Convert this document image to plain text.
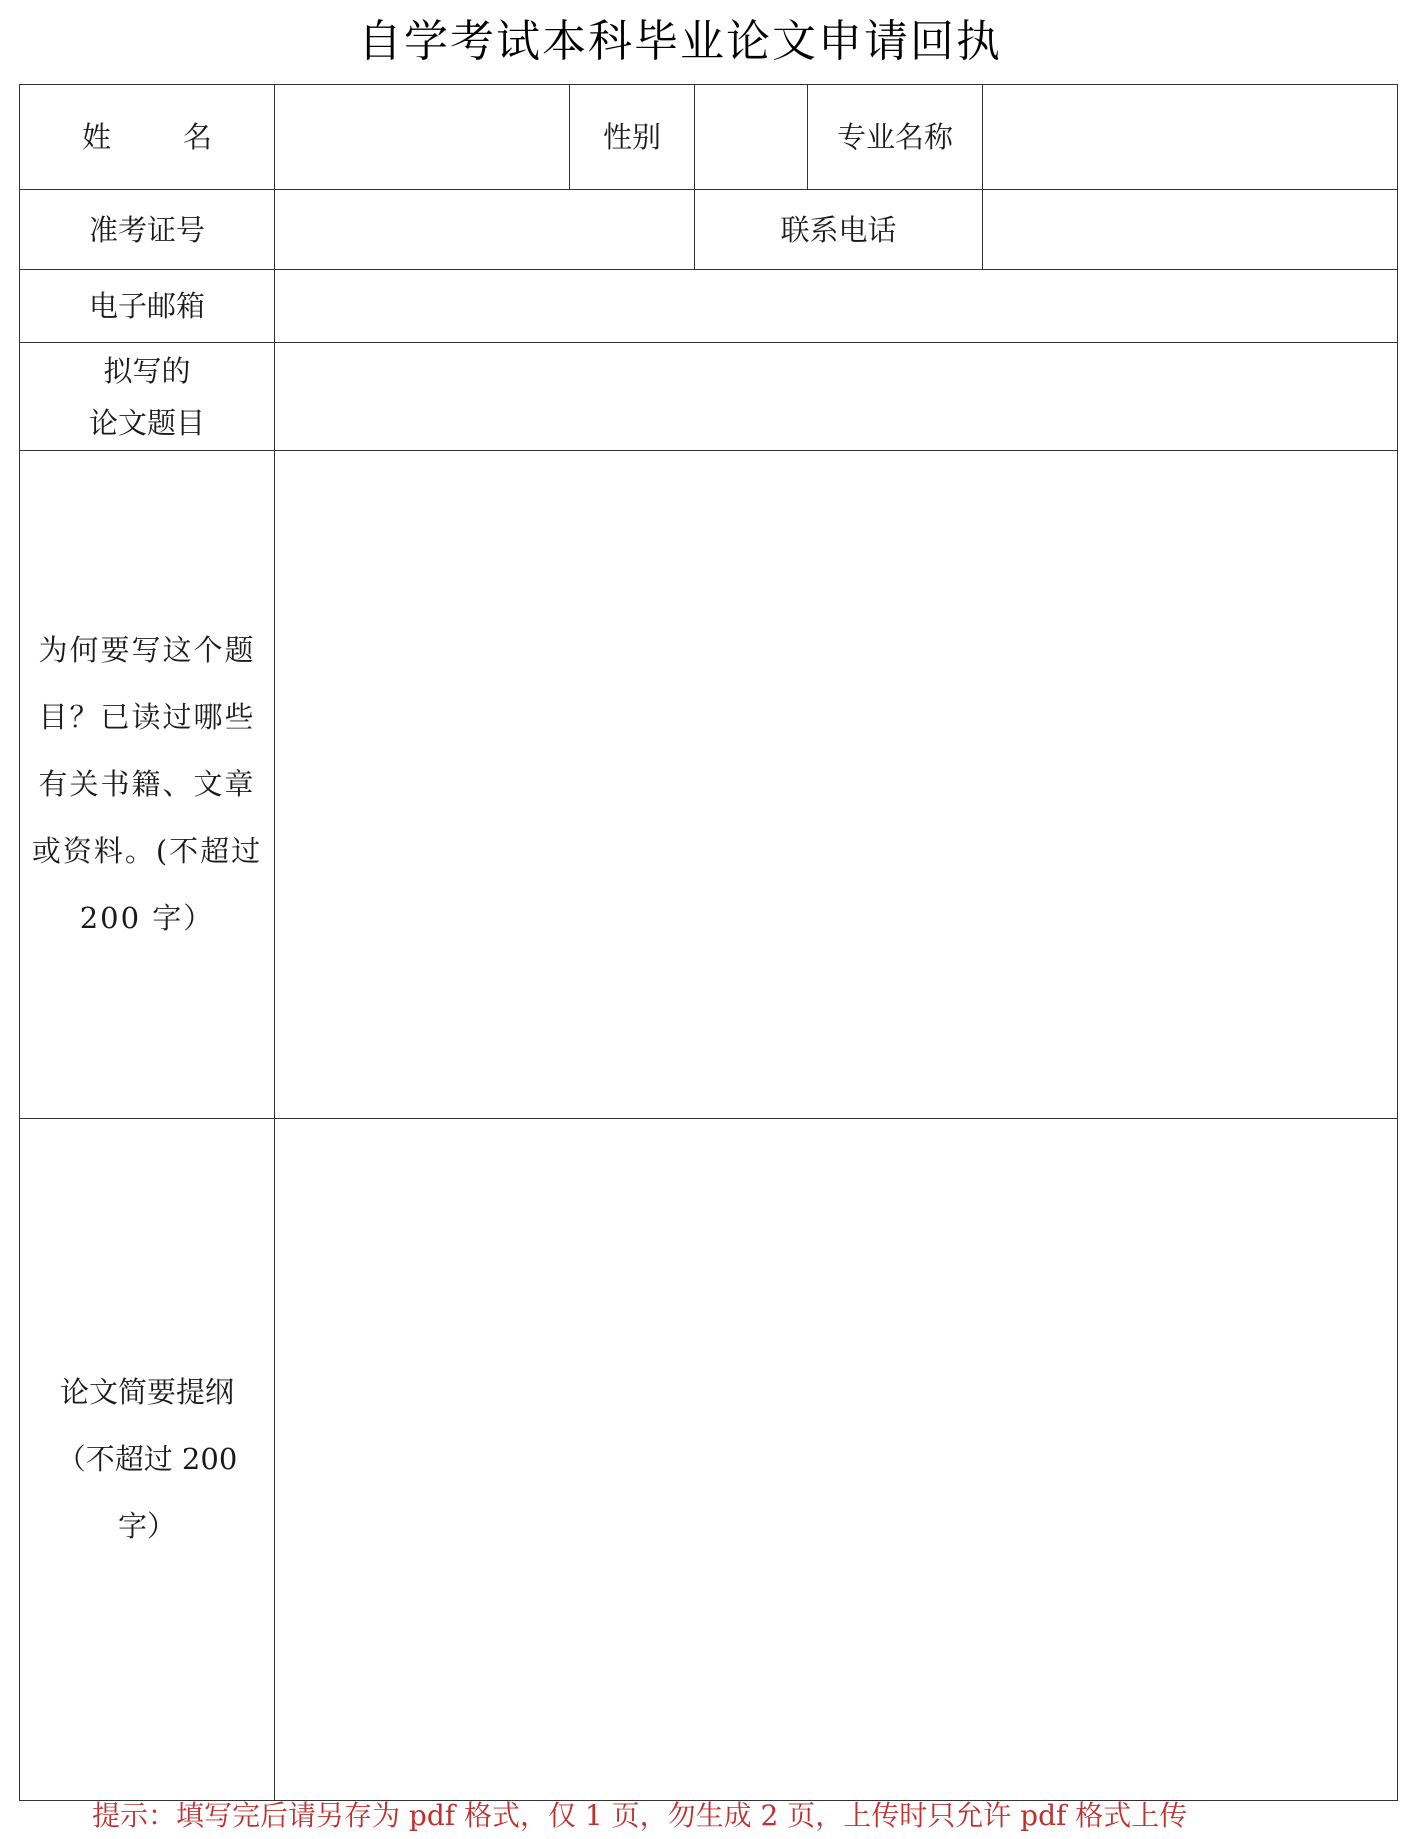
自学考试本科毕业论文申请回执
姓 名		性别		专业名称	

准考证号			联系电话		

电子邮箱					

拟写的
论文题目					

为何要写这个题
目？已读过哪些
有关书籍、文章
或资料。(不超过
200 字）					

论文简要提纲
（不超过 200
字）					
提示：填写完后请另存为 pdf 格式，仅 1 页，勿生成 2 页，上传时只允许 pdf 格式上传
